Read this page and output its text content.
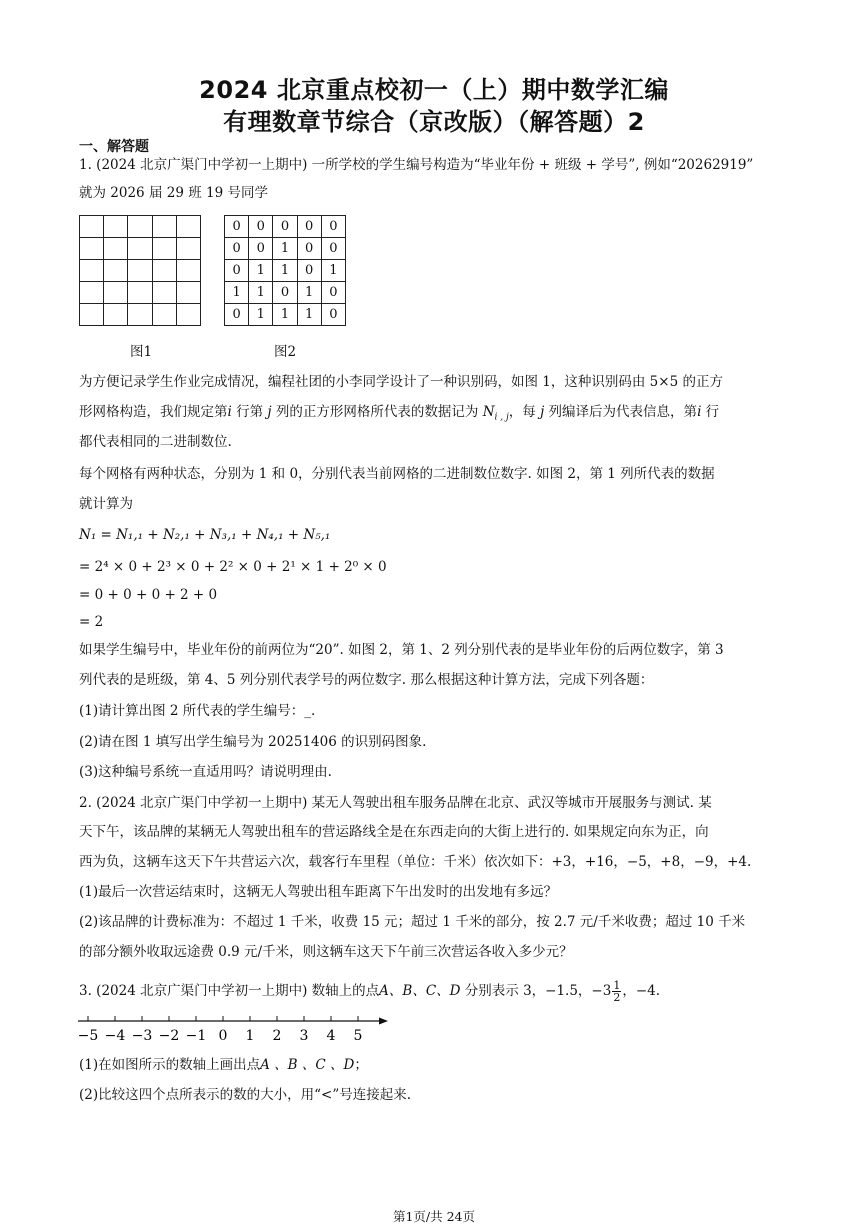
2024 北京重点校初一（上）期中数学汇编
有理数章节综合（京改版）（解答题）2
一、解答题
1. (2024 北京广渠门中学初一上期中) 一所学校的学生编号构造为“毕业年份 + 班级 + 学号”, 例如“20262919”
就为 2026 届 29 班 19 号同学

0	0	0	0	0
0	0	1	0	0
0	1	1	0	1
1	1	0	1	0
0	1	1	1	0
图1	图2
为方便记录学生作业完成情况，编程社团的小李同学设计了一种识别码，如图 1，这种识别码由 5×5 的正方
形网格构造，我们规定第i 行第 j 列的正方形网格所代表的数据记为 $N_{i , j}$，每 j 列编译后为代表信息，第i 行
都代表相同的二进制数位.
每个网格有两种状态，分别为 1 和 0，分别代表当前网格的二进制数位数字. 如图 2，第 1 列所代表的数据
就计算为
N₁ = N₁,₁ + N₂,₁ + N₃,₁ + N₄,₁ + N₅,₁
= 2⁴ × 0 + 2³ × 0 + 2² × 0 + 2¹ × 1 + 2⁰ × 0
= 0 + 0 + 0 + 2 + 0
= 2
如果学生编号中，毕业年份的前两位为“20”. 如图 2，第 1、2 列分别代表的是毕业年份的后两位数字，第 3
列代表的是班级，第 4、5 列分别代表学号的两位数字. 那么根据这种计算方法，完成下列各题：
(1)请计算出图 2 所代表的学生编号：_.
(2)请在图 1 填写出学生编号为 20251406 的识别码图象.
(3)这种编号系统一直适用吗？请说明理由.
2. (2024 北京广渠门中学初一上期中) 某无人驾驶出租车服务品牌在北京、武汉等城市开展服务与测试. 某
天下午，该品牌的某辆无人驾驶出租车的营运路线全是在东西走向的大街上进行的. 如果规定向东为正，向
西为负，这辆车这天下午共营运六次，载客行车里程（单位：千米）依次如下：+3，+16，−5，+8，−9，+4.
(1)最后一次营运结束时，这辆无人驾驶出租车距离下午出发时的出发地有多远？
(2)该品牌的计费标准为：不超过 1 千米，收费 15 元；超过 1 千米的部分，按 2.7 元/千米收费；超过 10 千米
的部分额外收取远途费 0.9 元/千米，则这辆车这天下午前三次营运各收入多少元？
3. (2024 北京广渠门中学初一上期中) 数轴上的点A、B、C、D 分别表示 3，−1.5，$-3 \frac{1}{2}$ ，−4.
−5 −4 −3 −2 −1 0 1 2 3 4 5
(1)在如图所示的数轴上画出点A 、B 、C 、D；
(2)比较这四个点所表示的数的大小，用“<”号连接起来.
第1页/共 24页
